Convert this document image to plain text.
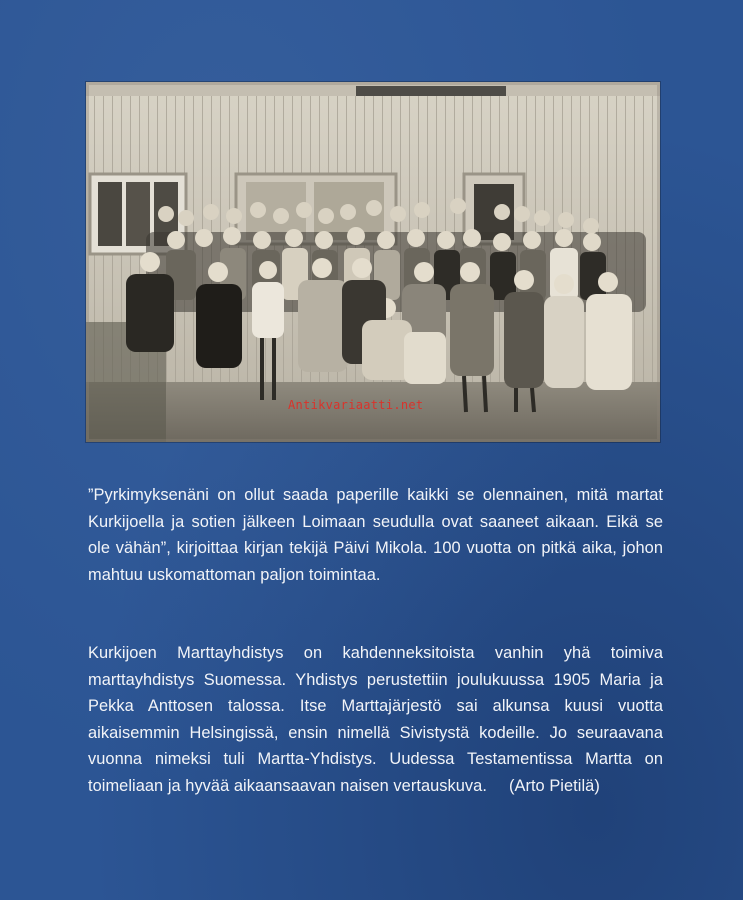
Antikvariaatti.net
”Pyrkimyksenäni on ollut saada paperille kaikki se olennainen, mitä martat Kurkijoella ja sotien jälkeen Loimaan seudulla ovat saaneet aikaan. Eikä se ole vähän”, kirjoittaa kirjan tekijä Päivi Mikola. 100 vuotta on pitkä aika, johon mahtuu uskomattoman paljon toimintaa.
Kurkijoen Marttayhdistys on kahdenneksitoista vanhin yhä toimiva marttayhdistys Suomessa. Yhdistys perustettiin joulukuussa 1905 Maria ja Pekka Anttosen talossa. Itse Marttajärjestö sai alkunsa kuusi vuotta aikaisemmin Helsingissä, ensin nimellä Sivistystä kodeille. Jo seuraavana vuonna nimeksi tuli Martta-Yhdistys. Uudessa Testamentissa Martta on toimeliaan ja hyvää aikaansaavan naisen vertauskuva. (Arto Pietilä)
